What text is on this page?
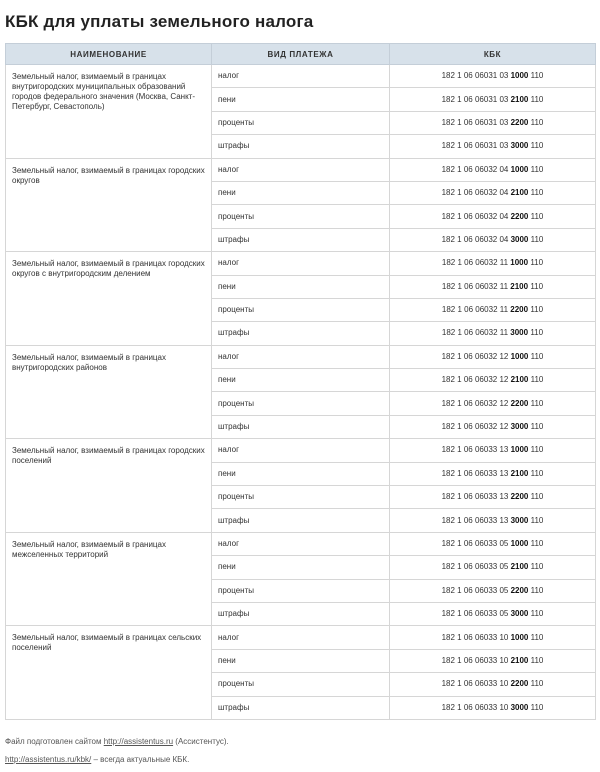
КБК для уплаты земельного налога
НАИМЕНОВАНИЕ	ВИД ПЛАТЕЖА	КБК
Земельный налог, взимаемый в границах внутригородских муниципальных образований городов федерального значения (Москва, Санкт-Петербург, Севастополь)	налог	182 1 06 06031 03 1000 110
	пени	182 1 06 06031 03 2100 110
	проценты	182 1 06 06031 03 2200 110
	штрафы	182 1 06 06031 03 3000 110
Земельный налог, взимаемый в границах городских округов	налог	182 1 06 06032 04 1000 110
	пени	182 1 06 06032 04 2100 110
	проценты	182 1 06 06032 04 2200 110
	штрафы	182 1 06 06032 04 3000 110
Земельный налог, взимаемый в границах городских округов с внутригородским делением	налог	182 1 06 06032 11 1000 110
	пени	182 1 06 06032 11 2100 110
	проценты	182 1 06 06032 11 2200 110
	штрафы	182 1 06 06032 11 3000 110
Земельный налог, взимаемый в границах внутригородских районов	налог	182 1 06 06032 12 1000 110
	пени	182 1 06 06032 12 2100 110
	проценты	182 1 06 06032 12 2200 110
	штрафы	182 1 06 06032 12 3000 110
Земельный налог, взимаемый в границах городских поселений	налог	182 1 06 06033 13 1000 110
	пени	182 1 06 06033 13 2100 110
	проценты	182 1 06 06033 13 2200 110
	штрафы	182 1 06 06033 13 3000 110
Земельный налог, взимаемый в границах межселенных территорий	налог	182 1 06 06033 05 1000 110
	пени	182 1 06 06033 05 2100 110
	проценты	182 1 06 06033 05 2200 110
	штрафы	182 1 06 06033 05 3000 110
Земельный налог, взимаемый в границах сельских поселений	налог	182 1 06 06033 10 1000 110
	пени	182 1 06 06033 10 2100 110
	проценты	182 1 06 06033 10 2200 110
	штрафы	182 1 06 06033 10 3000 110
Файл подготовлен сайтом http://assistentus.ru (Ассистентус).
http://assistentus.ru/kbk/ – всегда актуальные КБК.
